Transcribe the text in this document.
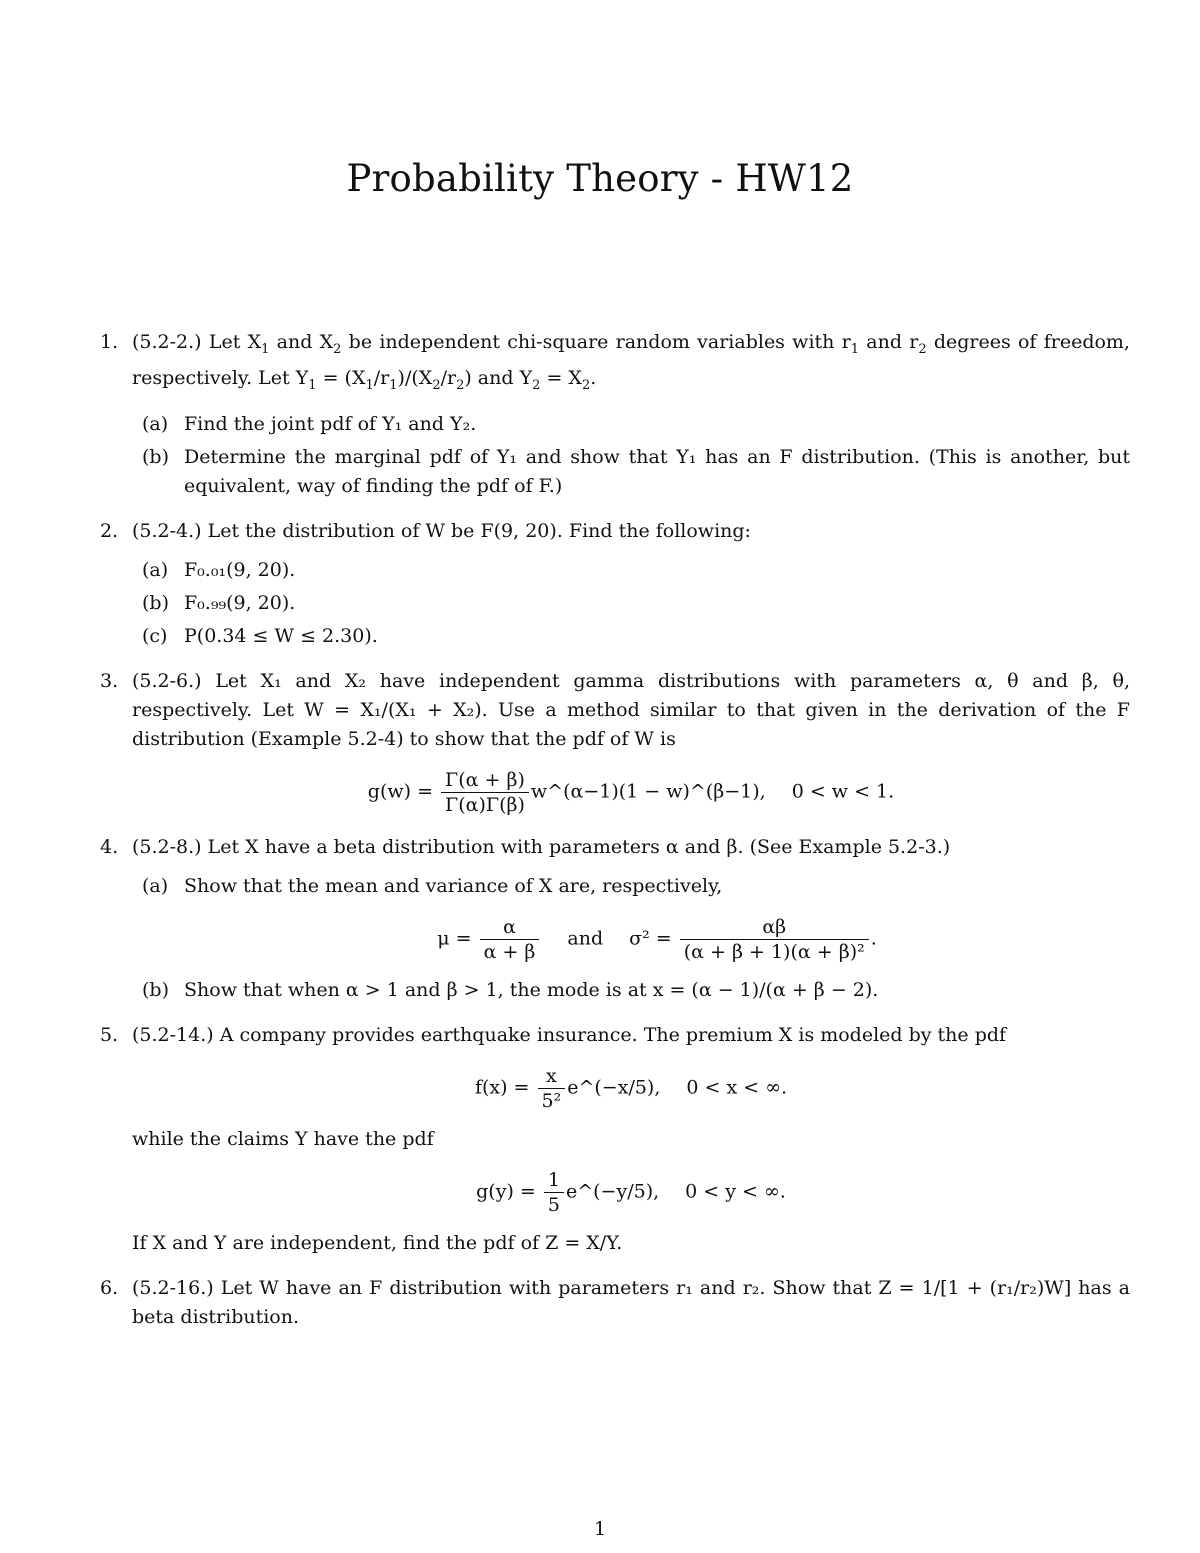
Probability Theory - HW12
1. (5.2-2.) Let $X_1$ and $X_2$ be independent chi-square random variables with $r_1$ and $r_2$ degrees of freedom, respectively. Let $Y_1 = (X_1/r_1)/(X_2/r_2)$ and $Y_2 = X_2$.
(a) Find the joint pdf of Y₁ and Y₂.
(b) Determine the marginal pdf of Y₁ and show that Y₁ has an F distribution. (This is another, but equivalent, way of finding the pdf of F.)
2. (5.2-4.) Let the distribution of W be F(9, 20). Find the following:
(a) F₀.₀₁(9, 20).
(b) F₀.₉₉(9, 20).
(c) P(0.34 ≤ W ≤ 2.30).
3. (5.2-6.) Let X₁ and X₂ have independent gamma distributions with parameters α, θ and β, θ, respectively. Let W = X₁/(X₁ + X₂). Use a method similar to that given in the derivation of the F distribution (Example 5.2-4) to show that the pdf of W is
$g(w) = \frac{\Gamma(\alpha + \beta)}{\Gamma(\alpha)\Gamma(\beta)}$ w^(α−1)(1 − w)^(β−1), 0 < w < 1.
4. (5.2-8.) Let X have a beta distribution with parameters α and β. (See Example 5.2-3.)
(a) Show that the mean and variance of X are, respectively,
$\mu = \frac{\alpha}{\alpha + \beta}$ and $\sigma^2 = \frac{\alpha\beta}{\text{(α + β + 1)(α + β)²}}$ .
(b) Show that when α > 1 and β > 1, the mode is at x = (α − 1)/(α + β − 2).
5. (5.2-14.) A company provides earthquake insurance. The premium X is modeled by the pdf
$f(x) = \frac{x}{\text{5²}}$ e^(−x/5), 0 < x < ∞.
while the claims Y have the pdf
$g(y) = \frac{1}{5}$ e^(−y/5), 0 < y < ∞.
If X and Y are independent, find the pdf of Z = X/Y.
6. (5.2-16.) Let W have an F distribution with parameters r₁ and r₂. Show that Z = 1/[1 + (r₁/r₂)W] has a beta distribution.
1
